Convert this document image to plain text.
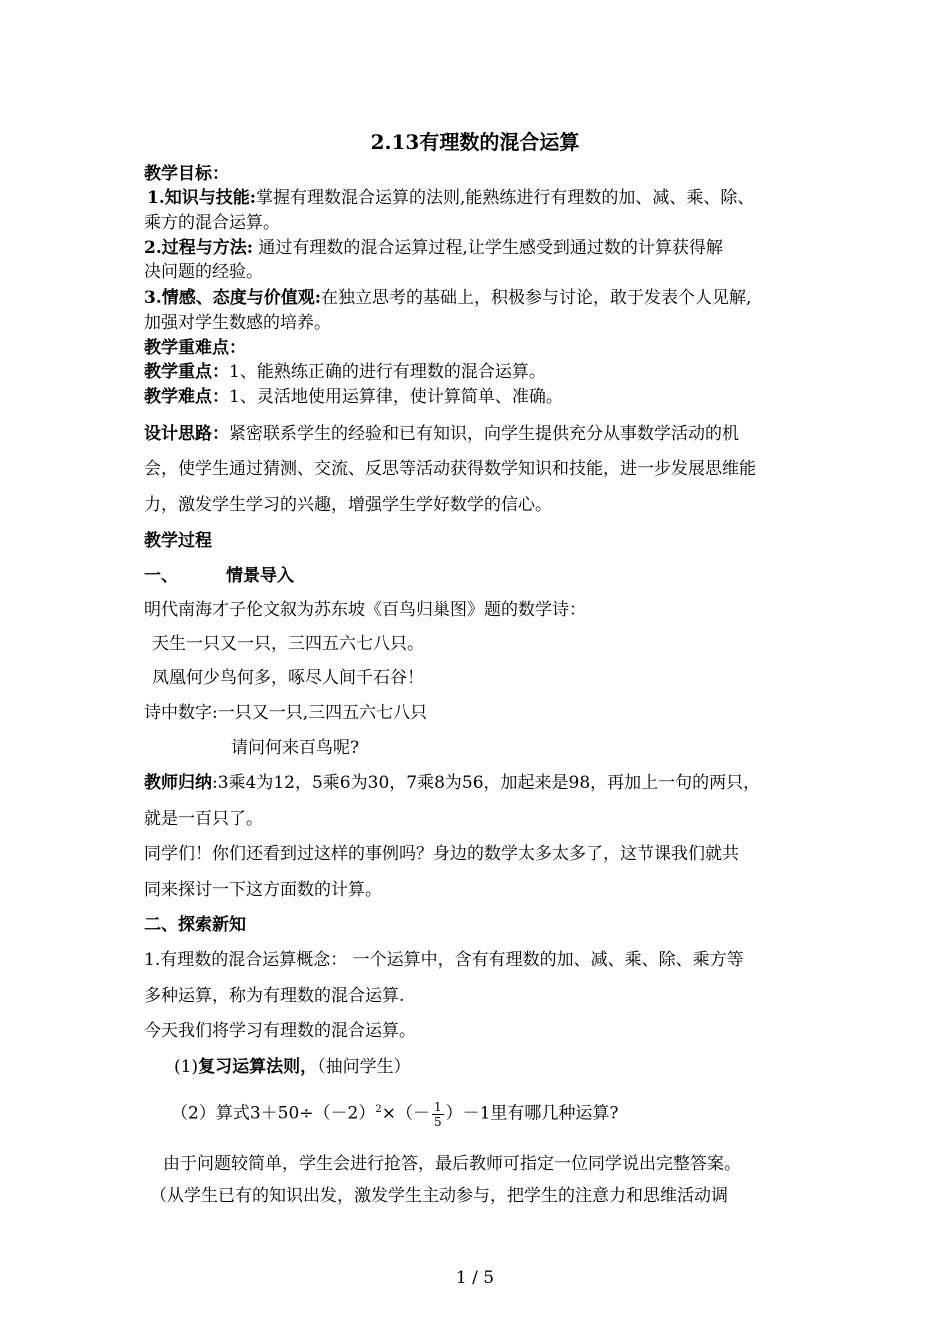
2.13有理数的混合运算
教学目标：
1.知识与技能:掌握有理数混合运算的法则,能熟练进行有理数的加、减、乘、除、
乘方的混合运算。
2.过程与方法: 通过有理数的混合运算过程,让学生感受到通过数的计算获得解
决问题的经验。
3.情感、态度与价值观:在独立思考的基础上，积极参与讨论，敢于发表个人见解,
加强对学生数感的培养。
教学重难点：
教学重点：1、能熟练正确的进行有理数的混合运算。
教学难点：1、灵活地使用运算律，使计算简单、准确。
设计思路：紧密联系学生的经验和已有知识，向学生提供充分从事数学活动的机
会，使学生通过猜测、交流、反思等活动获得数学知识和技能，进一步发展思维能
力，激发学生学习的兴趣，增强学生学好数学的信心。
教学过程
一、	情景导入
明代南海才子伦文叙为苏东坡《百鸟归巢图》题的数学诗：
天生一只又一只，三四五六七八只。
凤凰何少鸟何多，啄尽人间千石谷！
诗中数字:一只又一只,三四五六七八只
请问何来百鸟呢?
教师归纳:3乘4为12，5乘6为30，7乘8为56，加起来是98，再加上一句的两只，
就是一百只了。
同学们！你们还看到过这样的事例吗？身边的数学太多太多了，这节课我们就共
同来探讨一下这方面数的计算。
二、探索新知
1.有理数的混合运算概念： 一个运算中，含有有理数的加、减、乘、除、乘方等
多种运算，称为有理数的混合运算.
今天我们将学习有理数的混合运算。
(1)复习运算法则，（抽问学生）
（2）算式$3+50\div(-2)^2\times(- \frac{1}{5} )-1$里有哪几种运算?
由于问题较简单，学生会进行抢答，最后教师可指定一位同学说出完整答案。
（从学生已有的知识出发，激发学生主动参与，把学生的注意力和思维活动调
1 / 5
